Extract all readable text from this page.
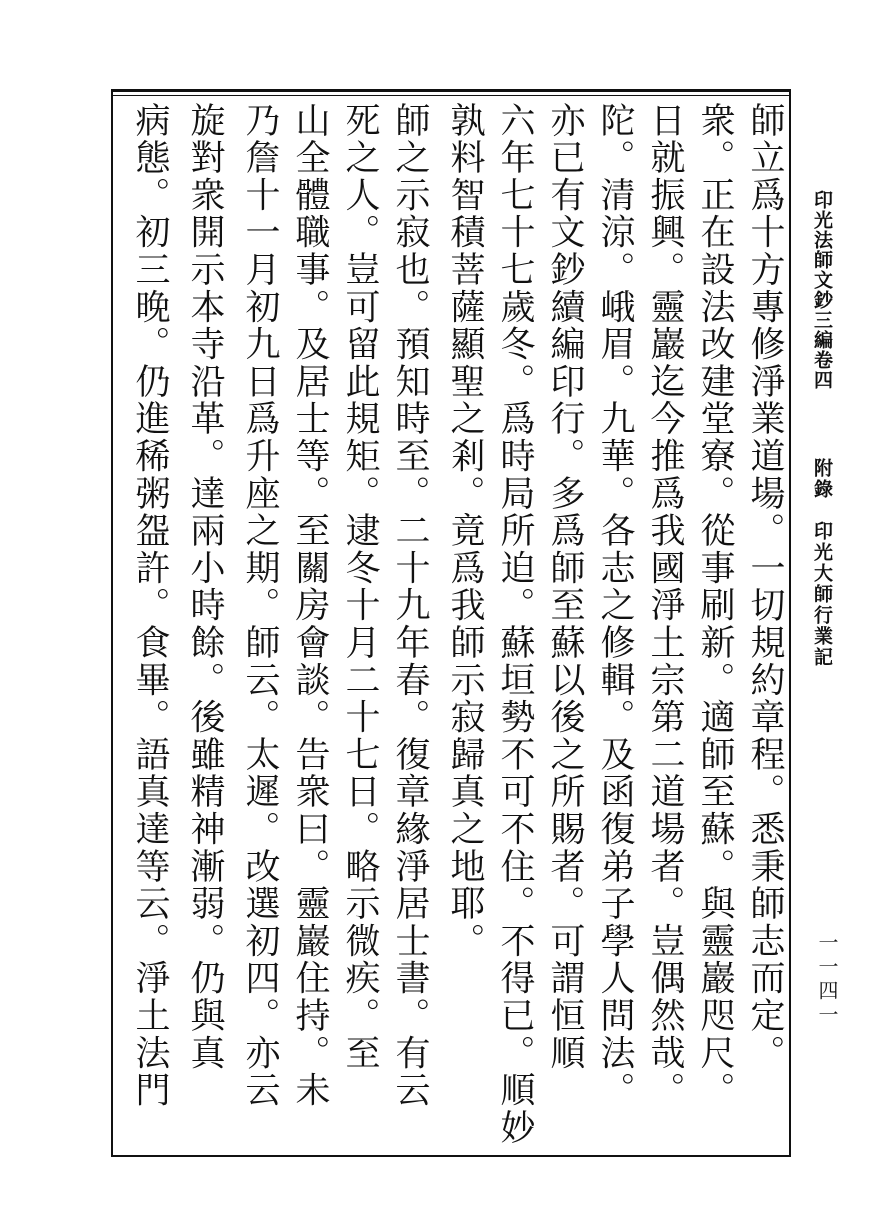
印光法師文鈔三編卷四
附錄　印光大師行業記
一一四一
師立爲十方專修淨業道場。一切規約章程。悉秉師志而定。
衆。正在設法改建堂寮。從事刷新。適師至蘇。與靈巖咫尺。
日就振興。靈巖迄今推爲我國淨土宗第二道場者。豈偶然哉。
陀。清涼。峨眉。九華。各志之修輯。及函復弟子學人問法。
亦已有文鈔續編印行。多爲師至蘇以後之所賜者。可謂恒順
六年七十七歲冬。爲時局所迫。蘇垣勢不可不住。不得已。順妙
孰料智積菩薩顯聖之剎。竟爲我師示寂歸真之地耶。
師之示寂也。預知時至。二十九年春。復章緣淨居士書。有云
死之人。豈可留此規矩。逮冬十月二十七日。略示微疾。至
山全體職事。及居士等。至關房會談。告衆曰。靈巖住持。未
乃詹十一月初九日爲升座之期。師云。太遲。改選初四。亦云
旋對衆開示本寺沿革。達兩小時餘。後雖精神漸弱。仍與真
病態。初三晚。仍進稀粥盌許。食畢。語真達等云。淨土法門
